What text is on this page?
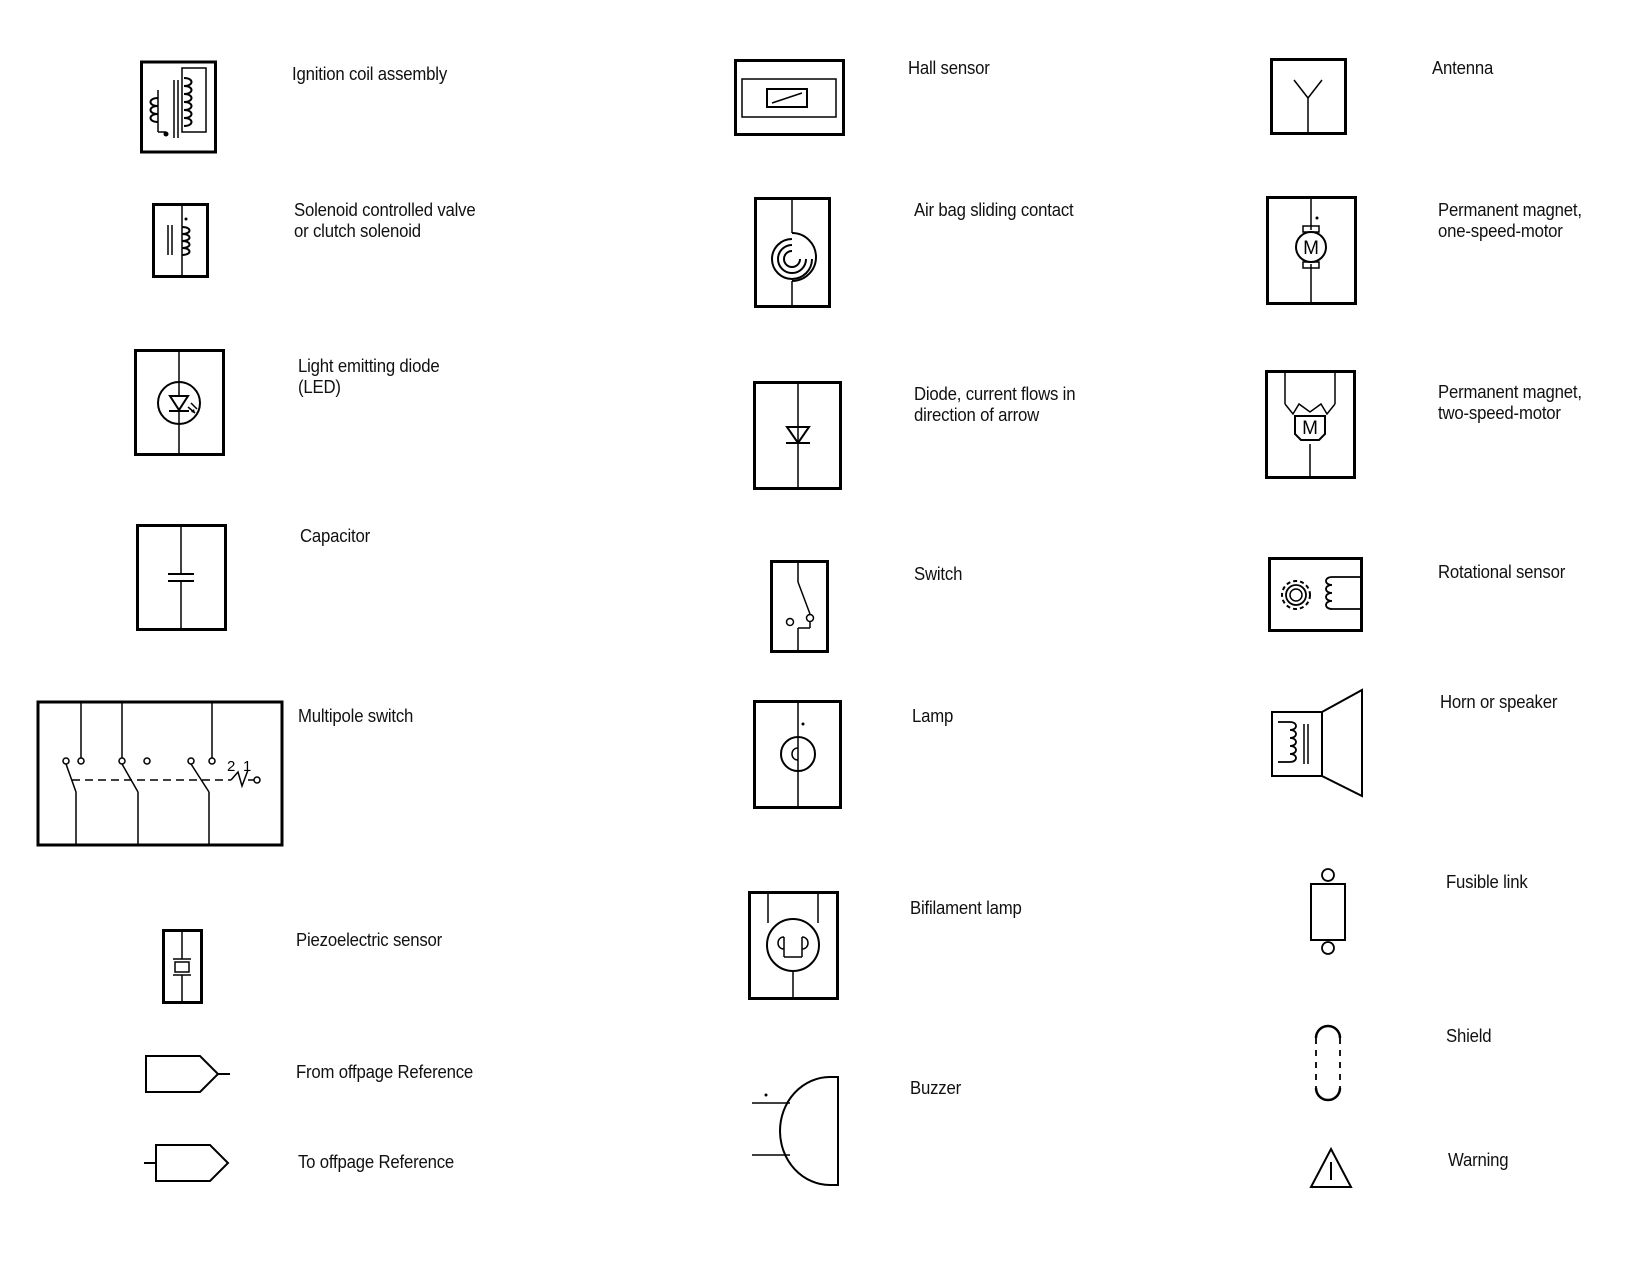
Ignition coil assembly
Solenoid controlled valve
or clutch solenoid
Light emitting diode
(LED)
Capacitor
2 1
Multipole switch
Piezoelectric sensor
From offpage Reference
To offpage Reference
Hall sensor
Air bag sliding contact
Diode, current flows in
direction of arrow
Switch
Lamp
Bifilament lamp
Buzzer
Antenna
M
Permanent magnet,
one-speed-motor
M
Permanent magnet,
two-speed-motor
Rotational sensor
Horn or speaker
Fusible link
Shield
Warning
